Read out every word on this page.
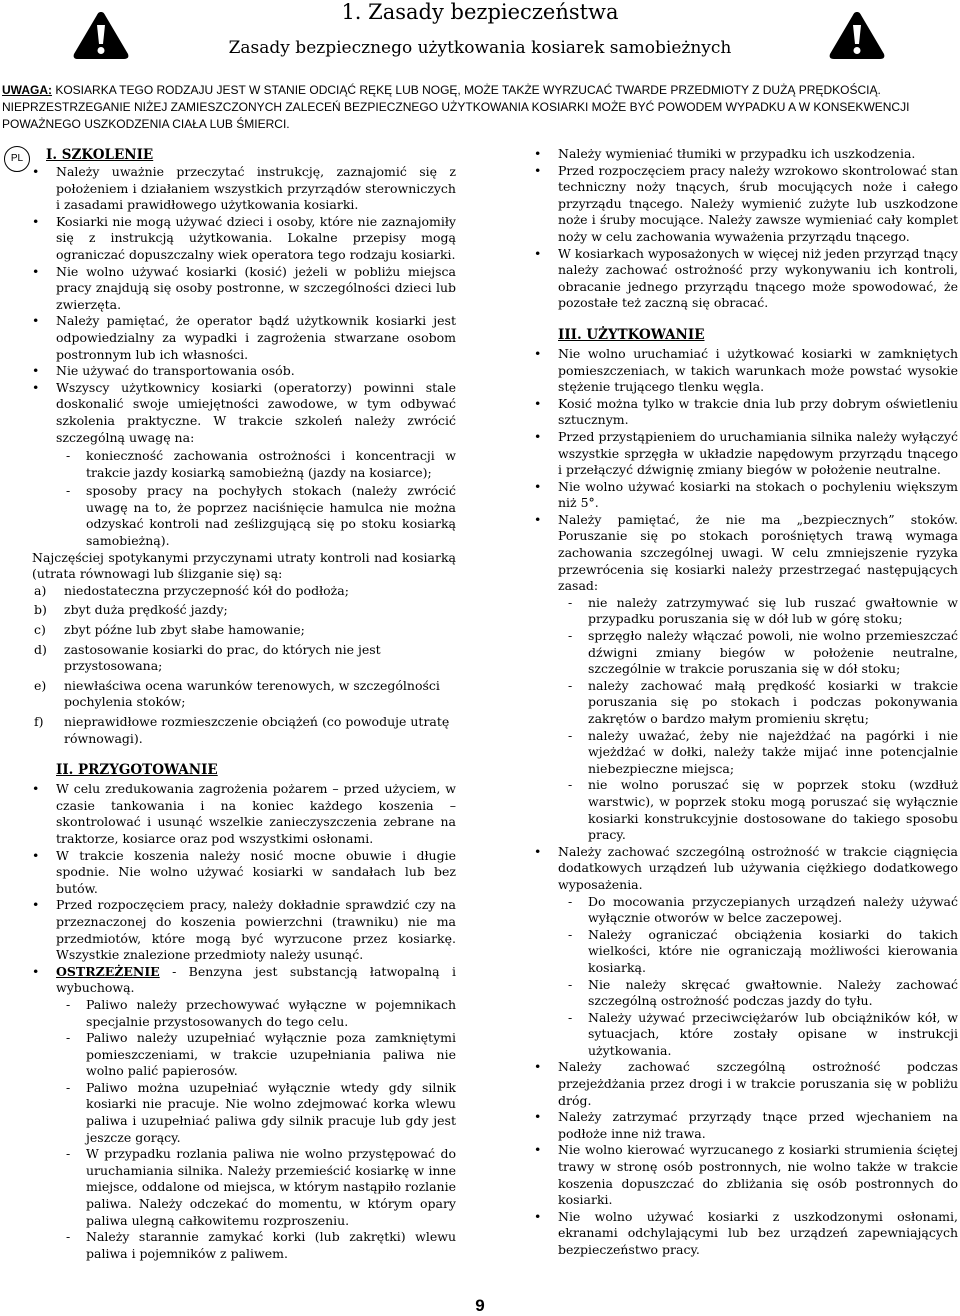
1. Zasady bezpieczeństwa
Zasady bezpiecznego użytkowania kosiarek samobieżnych
UWAGA: KOSIARKA TEGO RODZAJU JEST W STANIE ODCIĄĆ RĘKĘ LUB NOGĘ, MOŻE TAKŻE WYRZUCAĆ TWARDE PRZEDMIOTY Z DUŻĄ PRĘDKOŚCIĄ. NIEPRZESTRZEGANIE NIŻEJ ZAMIESZCZONYCH ZALECEŃ BEZPIECZNEGO UŻYTKOWANIA KOSIARKI MOŻE BYĆ POWODEM WYPADKU A W KONSEKWENCJI POWAŻNEGO USZKODZENIA CIAŁA LUB ŚMIERCI.
PL	I. SZKOLENIE
• Należy uważnie przeczytać instrukcję, zaznajomić się z położeniem i działaniem wszystkich przyrządów sterowniczych i zasadami prawidłowego użytkowania kosiarki.
• Kosiarki nie mogą używać dzieci i osoby, które nie zaznajomiły się z instrukcją użytkowania. Lokalne przepisy mogą ograniczać dopuszczalny wiek operatora tego rodzaju kosiarki.
• Nie wolno używać kosiarki (kosić) jeżeli w pobliżu miejsca pracy znajdują się osoby postronne, w szczególności dzieci lub zwierzęta.
• Należy pamiętać, że operator bądź użytkownik kosiarki jest odpowiedzialny za wypadki i zagrożenia stwarzane osobom postronnym lub ich własności.
• Nie używać do transportowania osób.
• Wszyscy użytkownicy kosiarki (operatorzy) powinni stale doskonalić swoje umiejętności zawodowe, w tym odbywać szkolenia praktyczne. W trakcie szkoleń należy zwrócić szczególną uwagę na:
- konieczność zachowania ostrożności i koncentracji w trakcie jazdy kosiarką samobieżną (jazdy na kosiarce);
- sposoby pracy na pochyłych stokach (należy zwrócić uwagę na to, że poprzez naciśnięcie hamulca nie można odzyskać kontroli nad ześlizgującą się po stoku kosiarką samobieżną).

Najczęściej spotykanymi przyczynami utraty kontroli nad kosiarką (utrata równowagi lub ślizganie się) są:

a) niedostateczna przyczepność kół do podłoża;
b) zbyt duża prędkość jazdy;
c) zbyt późne lub zbyt słabe hamowanie;
d) zastosowanie kosiarki do prac, do których nie jest przystosowana;
e) niewłaściwa ocena warunków terenowych, w szczególności pochylenia stoków;
f) nieprawidłowe rozmieszczenie obciążeń (co powoduje utratę równowagi).
II. PRZYGOTOWANIE
• W celu zredukowania zagrożenia pożarem – przed użyciem, w czasie tankowania i na koniec każdego koszenia – skontrolować i usunąć wszelkie zanieczyszczenia zebrane na traktorze, kosiarce oraz pod wszystkimi osłonami.
• W trakcie koszenia należy nosić mocne obuwie i długie spodnie. Nie wolno używać kosiarki w sandałach lub bez butów.
• Przed rozpoczęciem pracy, należy dokładnie sprawdzić czy na przeznaczonej do koszenia powierzchni (trawniku) nie ma przedmiotów, które mogą być wyrzucone przez kosiarkę. Wszystkie znalezione przedmioty należy usunąć.
• OSTRZEŻENIE - Benzyna jest substancją łatwopalną i wybuchową.
- Paliwo należy przechowywać wyłączne w pojemnikach specjalnie przystosowanych do tego celu.
- Paliwo należy uzupełniać wyłącznie poza zamkniętymi pomieszczeniami, w trakcie uzupełniania paliwa nie wolno palić papierosów.
- Paliwo można uzupełniać wyłącznie wtedy gdy silnik kosiarki nie pracuje. Nie wolno zdejmować korka wlewu paliwa i uzupełniać paliwa gdy silnik pracuje lub gdy jest jeszcze gorący.
- W przypadku rozlania paliwa nie wolno przystępować do uruchamiania silnika. Należy przemieścić kosiarkę w inne miejsce, oddalone od miejsca, w którym nastąpiło rozlanie paliwa. Należy odczekać do momentu, w którym opary paliwa ulegną całkowitemu rozproszeniu.
- Należy starannie zamykać korki (lub zakrętki) wlewu paliwa i pojemników z paliwem.
• Należy wymieniać tłumiki w przypadku ich uszkodzenia.
• Przed rozpoczęciem pracy należy wzrokowo skontrolować stan techniczny noży tnących, śrub mocujących noże i całego przyrządu tnącego. Należy wymienić zużyte lub uszkodzone noże i śruby mocujące. Należy zawsze wymieniać cały komplet noży w celu zachowania wyważenia przyrządu tnącego.
• W kosiarkach wyposażonych w więcej niż jeden przyrząd tnący należy zachować ostrożność przy wykonywaniu ich kontroli, obracanie jednego przyrządu tnącego może spowodować, że pozostałe też zaczną się obracać.
III. UŻYTKOWANIE
• Nie wolno uruchamiać i użytkować kosiarki w zamkniętych pomieszczeniach, w takich warunkach może powstać wysokie stężenie trującego tlenku węgla.
• Kosić można tylko w trakcie dnia lub przy dobrym oświetleniu sztucznym.
• Przed przystąpieniem do uruchamiania silnika należy wyłączyć wszystkie sprzęgła w układzie napędowym przyrządu tnącego i przełączyć dźwignię zmiany biegów w położenie neutralne.
• Nie wolno używać kosiarki na stokach o pochyleniu większym niż 5°.
• Należy pamiętać, że nie ma „bezpiecznych” stoków. Poruszanie się po stokach porośniętych trawą wymaga zachowania szczególnej uwagi. W celu zmniejszenie ryzyka przewrócenia się kosiarki należy przestrzegać następujących zasad:
- nie należy zatrzymywać się lub ruszać gwałtownie w przypadku poruszania się w dół lub w górę stoku;
- sprzęgło należy włączać powoli, nie wolno przemieszczać dźwigni zmiany biegów w położenie neutralne, szczególnie w trakcie poruszania się w dół stoku;
- należy zachować małą prędkość kosiarki w trakcie poruszania się po stokach i podczas pokonywania zakrętów o bardzo małym promieniu skrętu;
- należy uważać, żeby nie najeżdżać na pagórki i nie wjeżdżać w dołki, należy także mijać inne potencjalnie niebezpieczne miejsca;
- nie wolno poruszać się w poprzek stoku (wzdłuż warstwic), w poprzek stoku mogą poruszać się wyłącznie kosiarki konstrukcyjnie dostosowane do takiego sposobu pracy.
• Należy zachować szczególną ostrożność w trakcie ciągnięcia dodatkowych urządzeń lub używania ciężkiego dodatkowego wyposażenia.
- Do mocowania przyczepianych urządzeń należy używać wyłącznie otworów w belce zaczepowej.
- Należy ograniczać obciążenia kosiarki do takich wielkości, które nie ograniczają możliwości kierowania kosiarką.
- Nie należy skręcać gwałtownie. Należy zachować szczególną ostrożność podczas jazdy do tyłu.
- Należy używać przeciwciężarów lub obciążników kół, w sytuacjach, które zostały opisane w instrukcji użytkowania.
• Należy zachować szczególną ostrożność podczas przejeżdżania przez drogi i w trakcie poruszania się w pobliżu dróg.
• Należy zatrzymać przyrządy tnące przed wjechaniem na podłoże inne niż trawa.
• Nie wolno kierować wyrzucanego z kosiarki strumienia ściętej trawy w stronę osób postronnych, nie wolno także w trakcie koszenia dopuszczać do zbliżania się osób postronnych do kosiarki.
• Nie wolno używać kosiarki z uszkodzonymi osłonami, ekranami odchylającymi lub bez urządzeń zapewniających bezpieczeństwo pracy.
9
